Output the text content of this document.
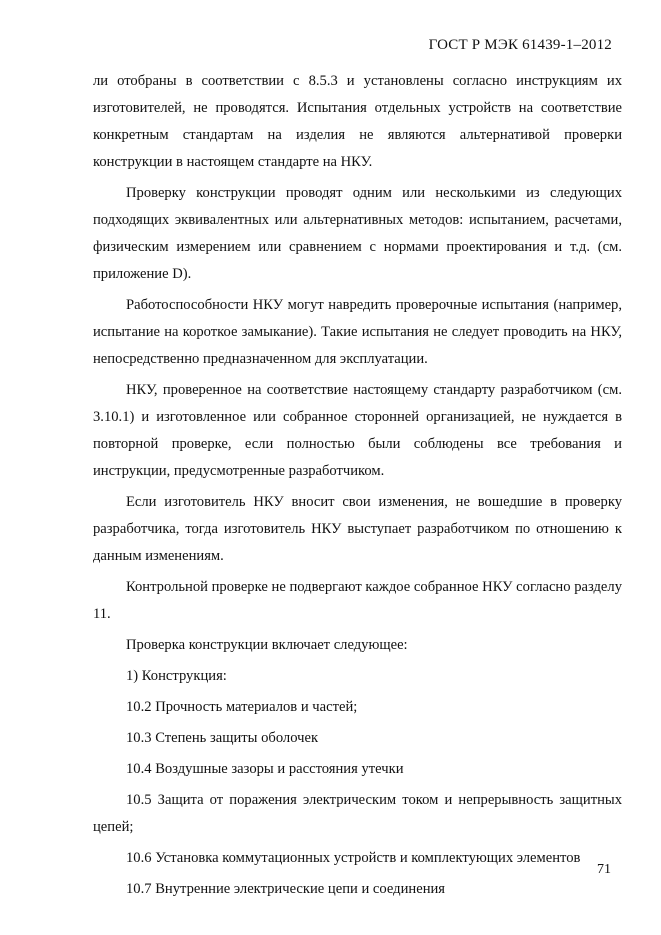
ГОСТ Р МЭК 61439-1–2012

ли отобраны в соответствии с 8.5.3 и установлены согласно инструкциям их изготовителей, не проводятся. Испытания отдельных устройств на соответствие конкретным стандартам на изделия не являются альтернативой проверки конструкции в настоящем стандарте на НКУ.

Проверку конструкции проводят одним или несколькими из следующих подходящих эквивалентных или альтернативных методов: испытанием, расчетами, физическим измерением или сравнением с нормами проектирования и т.д. (см. приложение D).

Работоспособности НКУ могут навредить проверочные испытания (например, испытание на короткое замыкание). Такие испытания не следует проводить на НКУ, непосредственно предназначенном для эксплуатации.

НКУ, проверенное на соответствие настоящему стандарту разработчиком (см. 3.10.1) и изготовленное или собранное сторонней организацией, не нуждается в повторной проверке, если полностью были соблюдены все требования и инструкции, предусмотренные разработчиком.

Если изготовитель НКУ вносит свои изменения, не вошедшие в проверку разработчика, тогда изготовитель НКУ выступает разработчиком по отношению к данным изменениям.

Контрольной проверке не подвергают каждое собранное НКУ согласно разделу 11.

Проверка конструкции включает следующее:

1) Конструкция:

10.2 Прочность материалов и частей;

10.3 Степень защиты оболочек

10.4 Воздушные зазоры и расстояния утечки

10.5 Защита от поражения электрическим током и непрерывность защитных цепей;

10.6 Установка коммутационных устройств и комплектующих элементов

10.7 Внутренние электрические цепи и соединения

71
